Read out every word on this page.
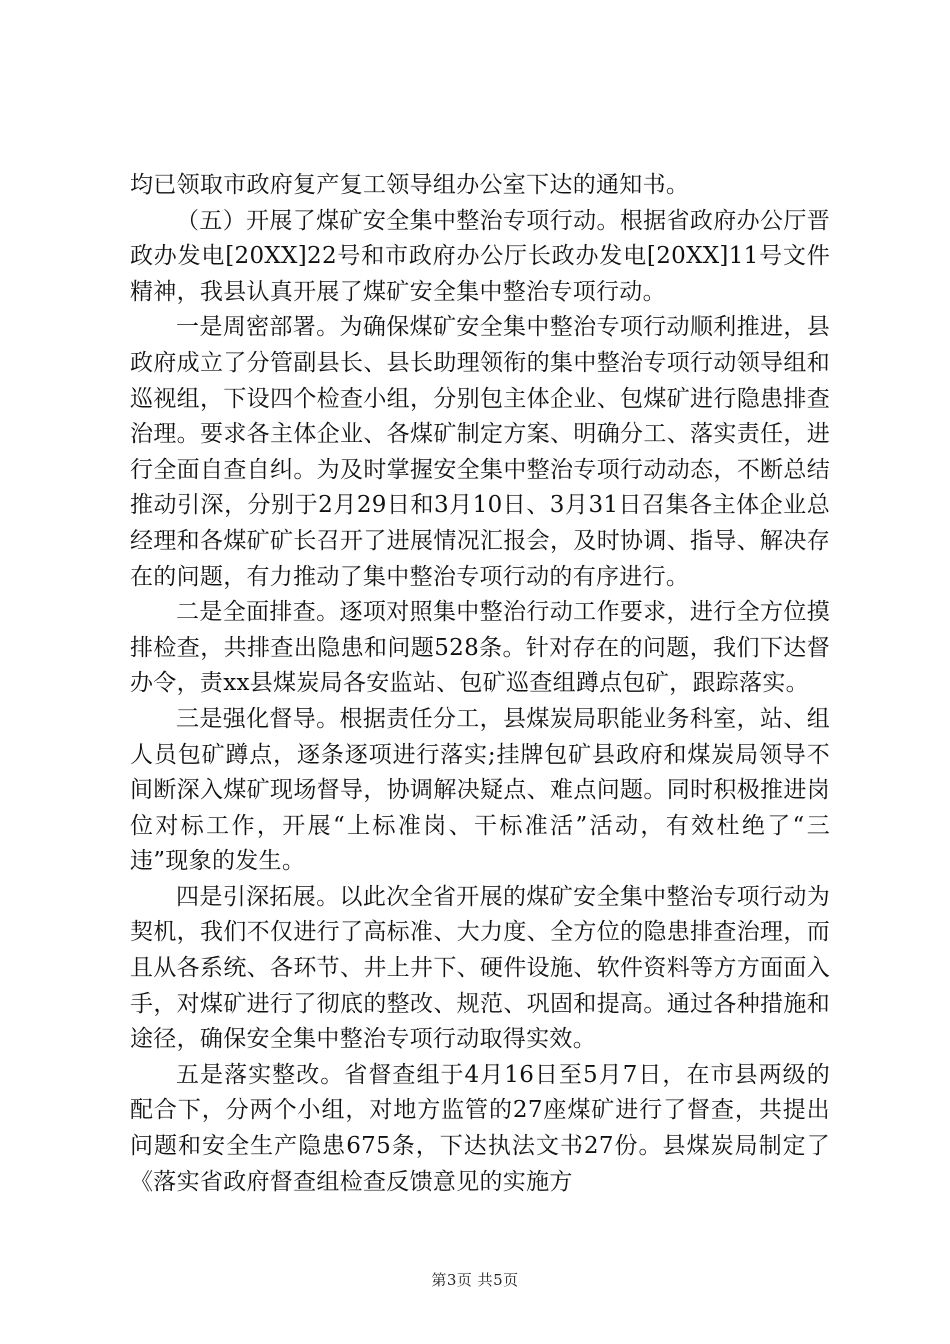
均已领取市政府复产复工领导组办公室下达的通知书。

（五）开展了煤矿安全集中整治专项行动。根据省政府办公厅晋政办发电[20XX]22号和市政府办公厅长政办发电[20XX]11号文件精神，我县认真开展了煤矿安全集中整治专项行动。

一是周密部署。为确保煤矿安全集中整治专项行动顺利推进，县政府成立了分管副县长、县长助理领衔的集中整治专项行动领导组和巡视组，下设四个检查小组，分别包主体企业、包煤矿进行隐患排查治理。要求各主体企业、各煤矿制定方案、明确分工、落实责任，进行全面自查自纠。为及时掌握安全集中整治专项行动动态，不断总结推动引深，分别于2月29日和3月10日、3月31日召集各主体企业总经理和各煤矿矿长召开了进展情况汇报会，及时协调、指导、解决存在的问题，有力推动了集中整治专项行动的有序进行。

二是全面排查。逐项对照集中整治行动工作要求，进行全方位摸排检查，共排查出隐患和问题528条。针对存在的问题，我们下达督办令，责xx县煤炭局各安监站、包矿巡查组蹲点包矿，跟踪落实。

三是强化督导。根据责任分工，县煤炭局职能业务科室，站、组人员包矿蹲点，逐条逐项进行落实;挂牌包矿县政府和煤炭局领导不间断深入煤矿现场督导，协调解决疑点、难点问题。同时积极推进岗位对标工作，开展“上标准岗、干标准活”活动，有效杜绝了“三违”现象的发生。

四是引深拓展。以此次全省开展的煤矿安全集中整治专项行动为契机，我们不仅进行了高标准、大力度、全方位的隐患排查治理，而且从各系统、各环节、井上井下、硬件设施、软件资料等方方面面入手，对煤矿进行了彻底的整改、规范、巩固和提高。通过各种措施和途径，确保安全集中整治专项行动取得实效。

五是落实整改。省督查组于4月16日至5月7日，在市县两级的配合下，分两个小组，对地方监管的27座煤矿进行了督查，共提出问题和安全生产隐患675条，下达执法文书27份。县煤炭局制定了《落实省政府督查组检查反馈意见的实施方

第3页 共5页
